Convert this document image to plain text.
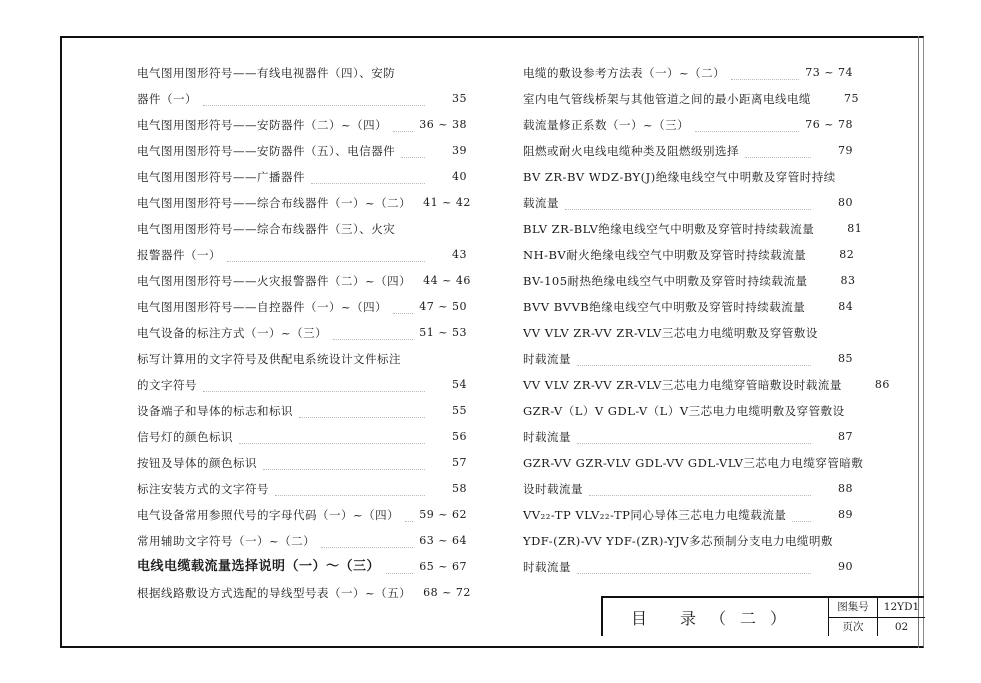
电气图用图形符号——有线电视器件（四）、安防
器件（一）	35
电气图用图形符号——安防器件（二）~（四）	36 ~ 38
电气图用图形符号——安防器件（五）、电信器件	39
电气图用图形符号——广播器件	40
电气图用图形符号——综合布线器件（一）~（二） 41 ~ 42
电气图用图形符号——综合布线器件（三）、火灾
报警器件（一）	43
电气图用图形符号——火灾报警器件（二）~（四） 44 ~ 46
电气图用图形符号——自控器件（一）~（四）	47 ~ 50
电气设备的标注方式（一）~（三）	51 ~ 53
标写计算用的文字符号及供配电系统设计文件标注
的文字符号	54
设备端子和导体的标志和标识	55
信号灯的颜色标识	56
按钮及导体的颜色标识	57
标注安装方式的文字符号	58
电气设备常用参照代号的字母代码（一）~（四） 59 ~ 62
常用辅助文字符号（一）~（二）	63 ~ 64
电线电缆载流量选择说明（一）～（三）	65 ~ 67
根据线路敷设方式选配的导线型号表（一）~（五） 68 ~ 72
电缆的敷设参考方法表（一）~（二）	73 ~ 74
室内电气管线桥架与其他管道之间的最小距离电线电缆	75
载流量修正系数（一）~（三）	76 ~ 78
阻燃或耐火电线电缆种类及阻燃级别选择	79
BV ZR-BV WDZ-BY(J)绝缘电线空气中明敷及穿管时持续
载流量	80
BLV ZR-BLV绝缘电线空气中明敷及穿管时持续载流量	81
NH-BV耐火绝缘电线空气中明敷及穿管时持续载流量	82
BV-105耐热绝缘电线空气中明敷及穿管时持续载流量	83
BVV BVVB绝缘电线空气中明敷及穿管时持续载流量	84
VV VLV ZR-VV ZR-VLV三芯电力电缆明敷及穿管敷设
时载流量	85
VV VLV ZR-VV ZR-VLV三芯电力电缆穿管暗敷设时载流量	86
GZR-V（L）V GDL-V（L）V三芯电力电缆明敷及穿管敷设
时载流量	87
GZR-VV GZR-VLV GDL-VV GDL-VLV三芯电力电缆穿管暗敷
设时载流量	88
VV₂₂-TP VLV₂₂-TP同心导体三芯电力电缆载流量	89
YDF-(ZR)-VV YDF-(ZR)-YJV多芯预制分支电力电缆明敷
时载流量	90
目 录（二）
图集号	12YD1
页次	02
